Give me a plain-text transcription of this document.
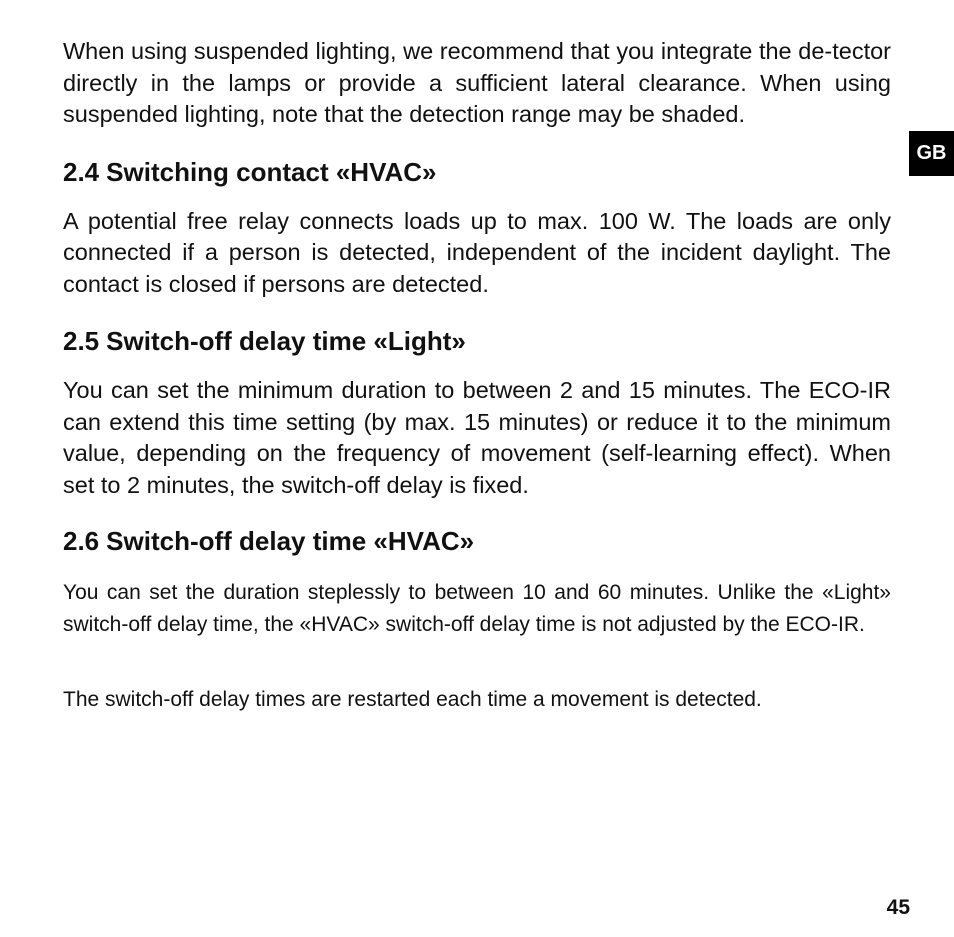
When using suspended lighting, we recommend that you integrate the de-tector directly in the lamps or provide a sufficient lateral clearance. When using suspended lighting, note that the detection range may be shaded.

2.4 Switching contact «HVAC»

A potential free relay connects loads up to max. 100 W. The loads are only connected if a person is detected, independent of the incident daylight. The contact is closed if persons are detected.

2.5 Switch-off delay time «Light»

You can set the minimum duration to between 2 and 15 minutes. The ECO-IR can extend this time setting (by max. 15 minutes) or reduce it to the minimum value, depending on the frequency of movement (self-learning effect). When set to 2 minutes, the switch-off delay is fixed.

2.6 Switch-off delay time «HVAC»

You can set the duration steplessly to between 10 and 60 minutes. Unlike the «Light» switch-off delay time, the «HVAC» switch-off delay time is not adjusted by the ECO-IR.

The switch-off delay times are restarted each time a movement is detected.

GB
45
